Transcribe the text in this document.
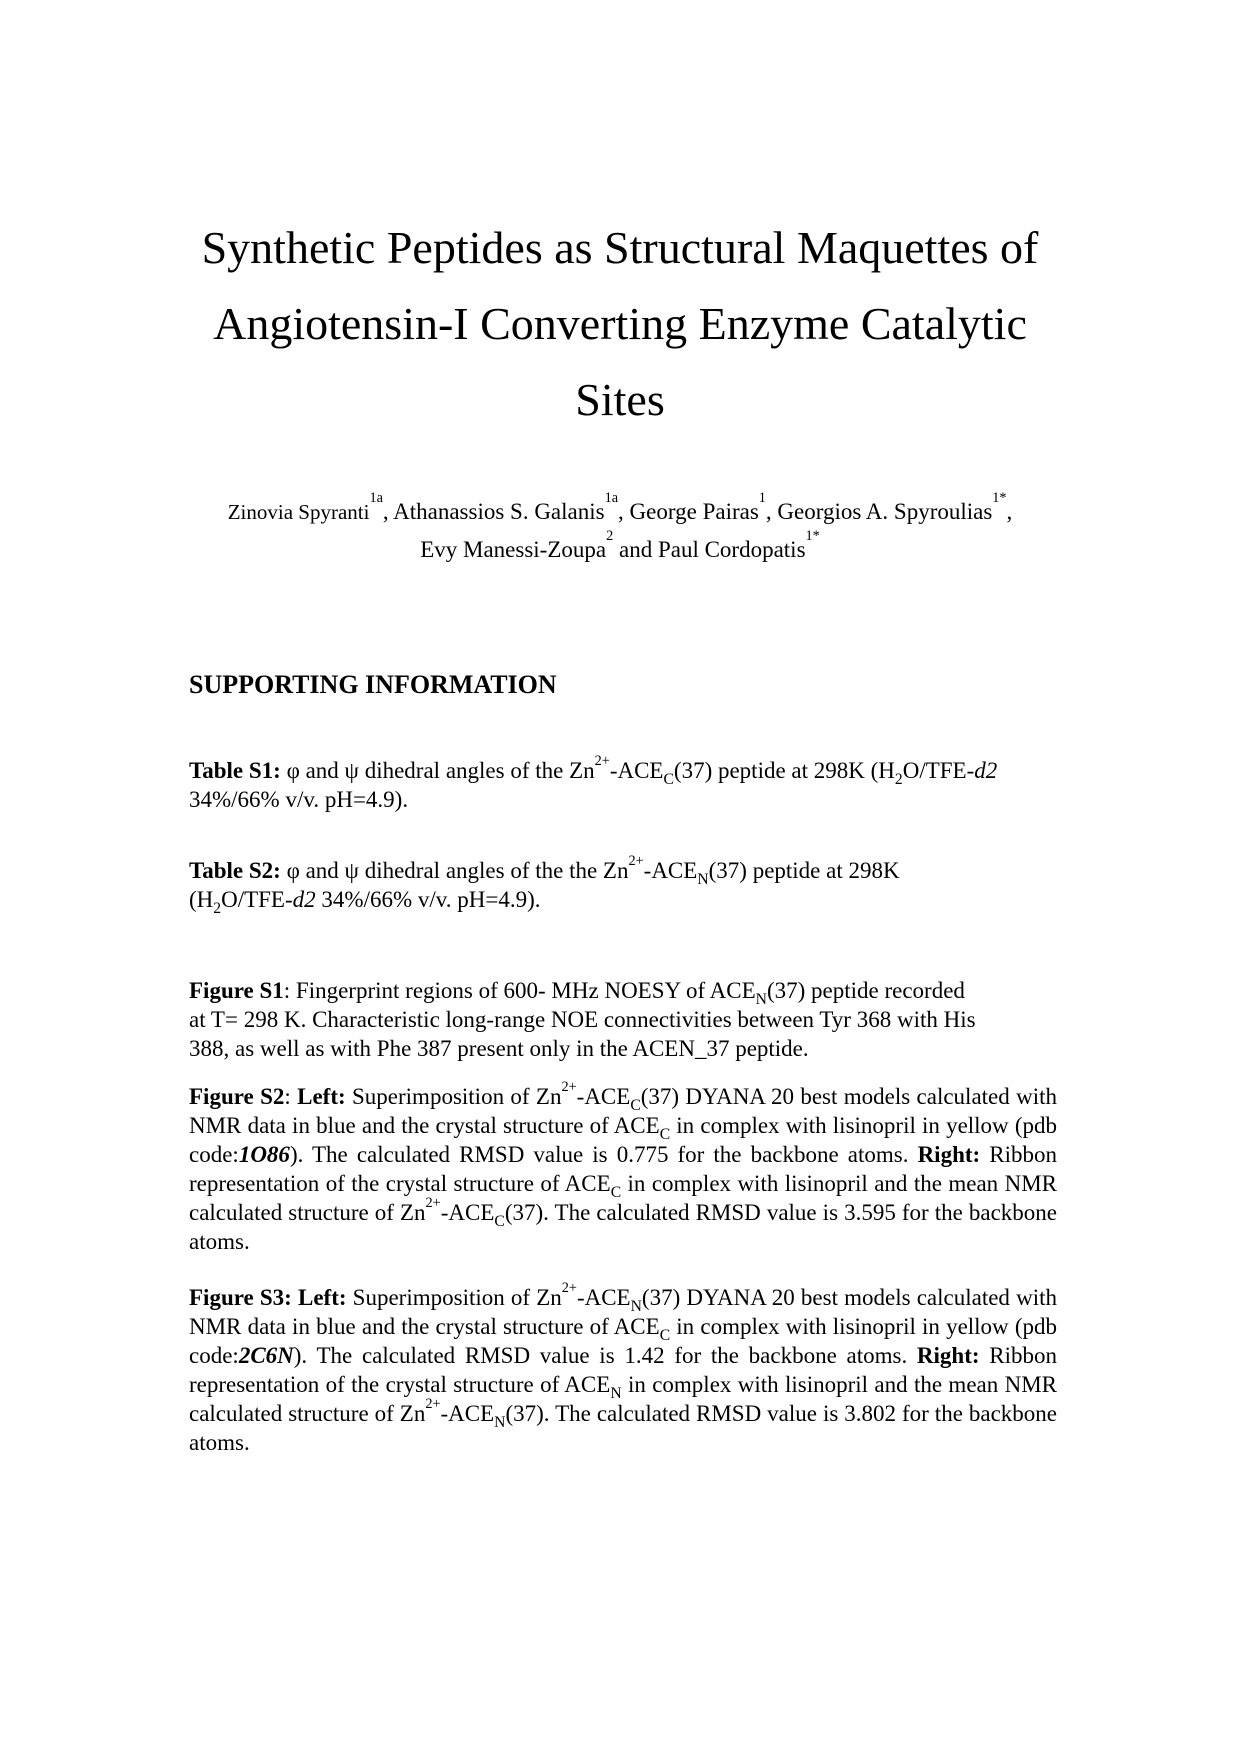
Synthetic Peptides as Structural Maquettes of
Angiotensin-I Converting Enzyme Catalytic
Sites
Zinovia Spyranti$^{1a}$, Athanassios S. Galanis$^{1a}$, George Pairas$^1$, Georgios A. Spyroulias$^{1*}$,
Evy Manessi-Zoupa$^2$ and Paul Cordopatis$^{1*}$
SUPPORTING INFORMATION

Table S1: φ and ψ dihedral angles of the $Zn^{2+}-ACE_C(37)$ peptide at 298K ($H_2O/TFE-d2$ 34%/66% v/v. pH=4.9).

Table S2: φ and ψ dihedral angles of the the $Zn^{2+}-ACE_N(37)$ peptide at 298K
($H_2O/TFE-d2$ 34%/66% v/v. pH=4.9).

Figure S1: Fingerprint regions of 600- MHz NOESY of $ACE_N(37)$ peptide recorded
at T= 298 K. Characteristic long-range NOE connectivities between Tyr 368 with His
388, as well as with Phe 387 present only in the ACEN_37 peptide.

Figure S2: Left: Superimposition of $Zn^{2+}-ACE_C(37)$ DYANA 20 best models calculated with NMR data in blue and the crystal structure of $ACE_C$ in complex with lisinopril in yellow (pdb code:1O86). The calculated RMSD value is 0.775 for the backbone atoms. Right: Ribbon representation of the crystal structure of $ACE_C$ in complex with lisinopril and the mean NMR calculated structure of $Zn^{2+}-ACE_C(37)$. The calculated RMSD value is 3.595 for the backbone atoms.

Figure S3: Left: Superimposition of $Zn^{2+}-ACE_N(37)$ DYANA 20 best models calculated with NMR data in blue and the crystal structure of $ACE_C$ in complex with lisinopril in yellow (pdb code:2C6N). The calculated RMSD value is 1.42 for the backbone atoms. Right: Ribbon representation of the crystal structure of $ACE_N$ in complex with lisinopril and the mean NMR calculated structure of $Zn^{2+}-ACE_N(37)$. The calculated RMSD value is 3.802 for the backbone atoms.
